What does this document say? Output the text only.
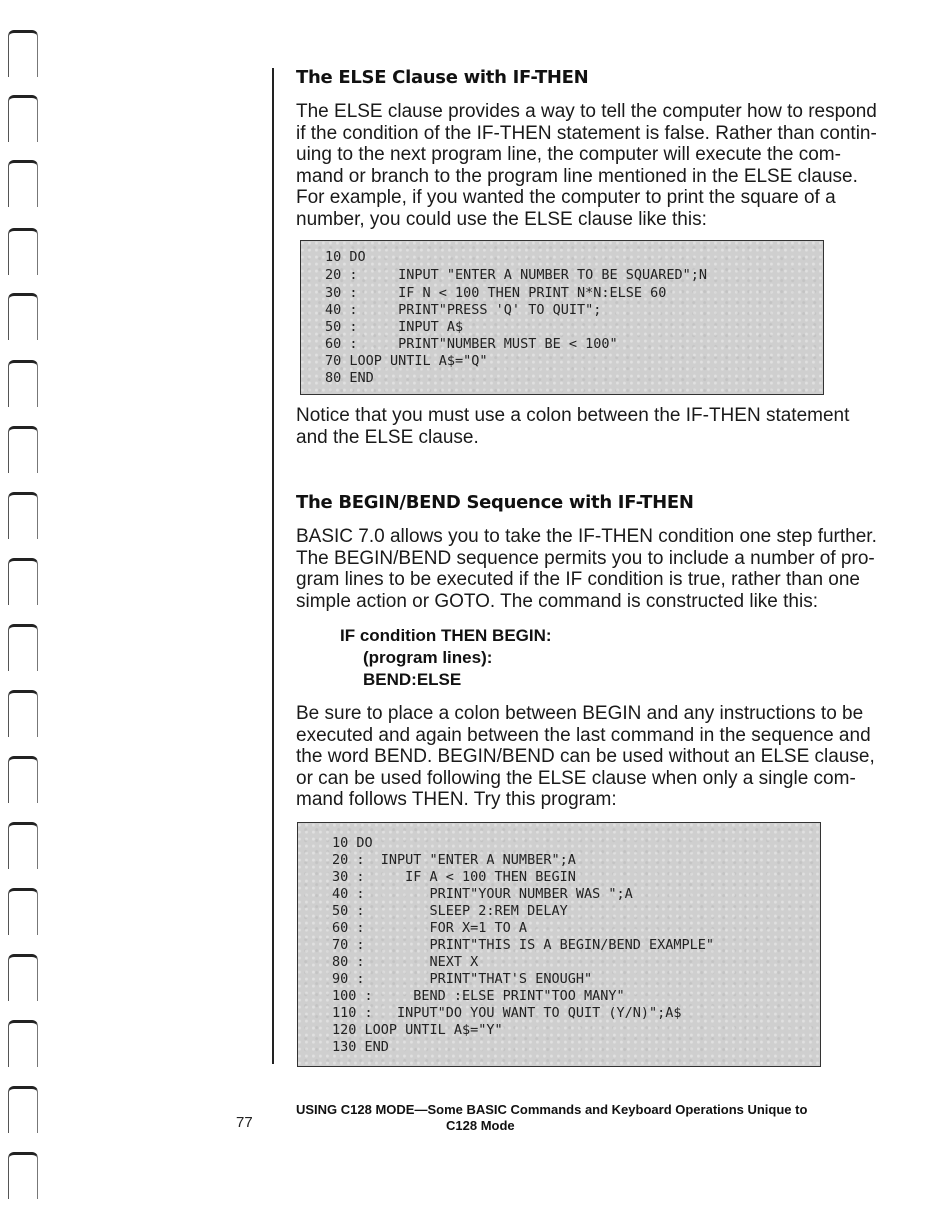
The ELSE Clause with IF-THEN

The ELSE clause provides a way to tell the computer how to respond

if the condition of the IF-THEN statement is false. Rather than contin-

uing to the next program line, the computer will execute the com-

mand or branch to the program line mentioned in the ELSE clause.

For example, if you wanted the computer to print the square of a

number, you could use the ELSE clause like this:

10 DO
20 :     INPUT "ENTER A NUMBER TO BE SQUARED";N
30 :     IF N < 100 THEN PRINT N*N:ELSE 60
40 :     PRINT"PRESS 'Q' TO QUIT";
50 :     INPUT A$
60 :     PRINT"NUMBER MUST BE < 100"
70 LOOP UNTIL A$="Q"
80 END

Notice that you must use a colon between the IF-THEN statement

and the ELSE clause.

The BEGIN/BEND Sequence with IF-THEN

BASIC 7.0 allows you to take the IF-THEN condition one step further.

The BEGIN/BEND sequence permits you to include a number of pro-

gram lines to be executed if the IF condition is true, rather than one

simple action or GOTO. The command is constructed like this:

IF condition THEN BEGIN:
(program lines):
BEND:ELSE

Be sure to place a colon between BEGIN and any instructions to be

executed and again between the last command in the sequence and

the word BEND. BEGIN/BEND can be used without an ELSE clause,

or can be used following the ELSE clause when only a single com-

mand follows THEN. Try this program:

10 DO
20 :  INPUT "ENTER A NUMBER";A
30 :     IF A < 100 THEN BEGIN
40 :        PRINT"YOUR NUMBER WAS ";A
50 :        SLEEP 2:REM DELAY
60 :        FOR X=1 TO A
70 :        PRINT"THIS IS A BEGIN/BEND EXAMPLE"
80 :        NEXT X
90 :        PRINT"THAT'S ENOUGH"
100 :     BEND :ELSE PRINT"TOO MANY"
110 :   INPUT"DO YOU WANT TO QUIT (Y/N)";A$
120 LOOP UNTIL A$="Y"
130 END
77
USING C128 MODE—Some BASIC Commands and Keyboard Operations Unique to
C128 Mode
